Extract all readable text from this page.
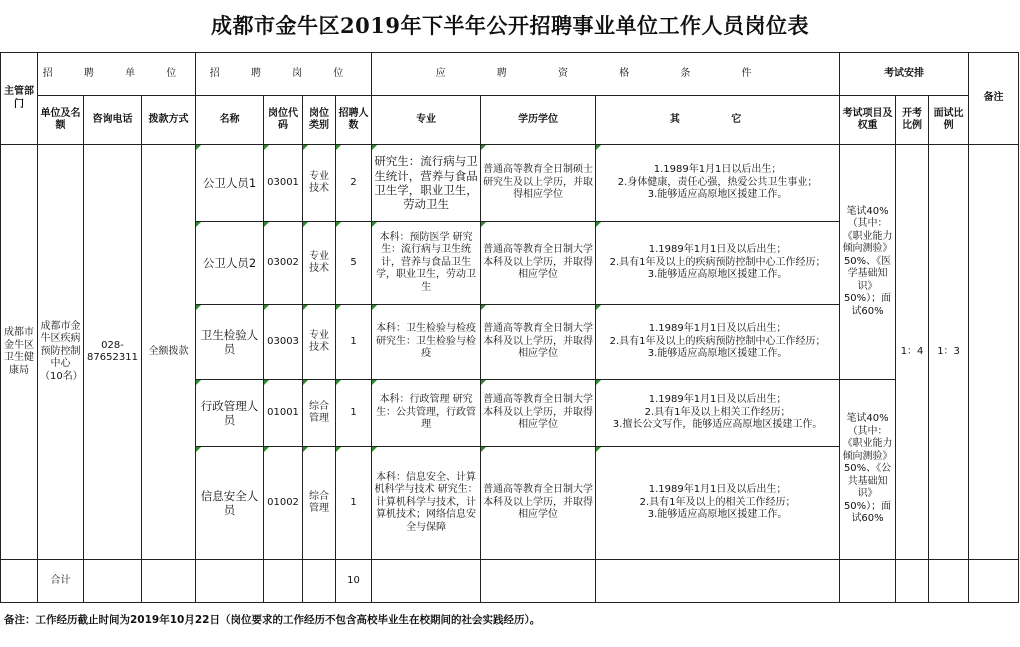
成都市金牛区2019年下半年公开招聘事业单位工作人员岗位表
主管部门	招 聘 单 位			招 聘 岗 位				应 聘 资 格 条 件			考试安排			备注
	单位及名额	咨询电话	拨款方式	名称	岗位代码	岗位类别	招聘人数	专业	学历学位	其 它	考试项目及权重	开考比例	面试比例	
成都市金牛区卫生健康局	成都市金牛区疾病预防控制中心（10名）	028-87652311	全额拨款	公卫人员1	03001	专业技术	2	研究生：流行病与卫生统计，营养与食品卫生学，职业卫生，劳动卫生	普通高等教育全日制硕士研究生及以上学历，并取得相应学位	1.1989年1月1日以后出生；
2.身体健康，责任心强，热爱公共卫生事业；
3.能够适应高原地区援建工作。	笔试40%（其中：《职业能力倾向测验》50%、《医学基础知识》50%）；面试60%	1：4	1：3	
				公卫人员2	03002	专业技术	5	本科：预防医学 研究生：流行病与卫生统计，营养与食品卫生学，职业卫生，劳动卫生	普通高等教育全日制大学本科及以上学历，并取得相应学位	1.1989年1月1日及以后出生；
2.具有1年及以上的疾病预防控制中心工作经历；
3.能够适应高原地区援建工作。				

				卫生检验人员	03003	专业技术	1	本科：卫生检验与检疫 研究生：卫生检验与检疫	普通高等教育全日制大学本科及以上学历，并取得相应学位	1.1989年1月1日及以后出生；
2.具有1年及以上的疾病预防控制中心工作经历；
3.能够适应高原地区援建工作。				

				行政管理人员	01001	综合管理	1	本科：行政管理 研究生：公共管理，行政管理	普通高等教育全日制大学本科及以上学历，并取得相应学位	1.1989年1月1日及以后出生；
2.具有1年及以上相关工作经历；
3.擅长公文写作，能够适应高原地区援建工作。	笔试40%（其中：《职业能力倾向测验》50%、《公共基础知识》50%）；面试60%			
				信息安全人员	01002	综合管理	1	本科：信息安全、计算机科学与技术 研究生：计算机科学与技术，计算机技术；网络信息安全与保障	普通高等教育全日制大学本科及以上学历，并取得相应学位	1.1989年1月1日及以后出生；
2.具有1年及以上的相关工作经历；
3.能够适应高原地区援建工作。				

	合计						10							
备注：工作经历截止时间为2019年10月22日（岗位要求的工作经历不包含高校毕业生在校期间的社会实践经历）。
